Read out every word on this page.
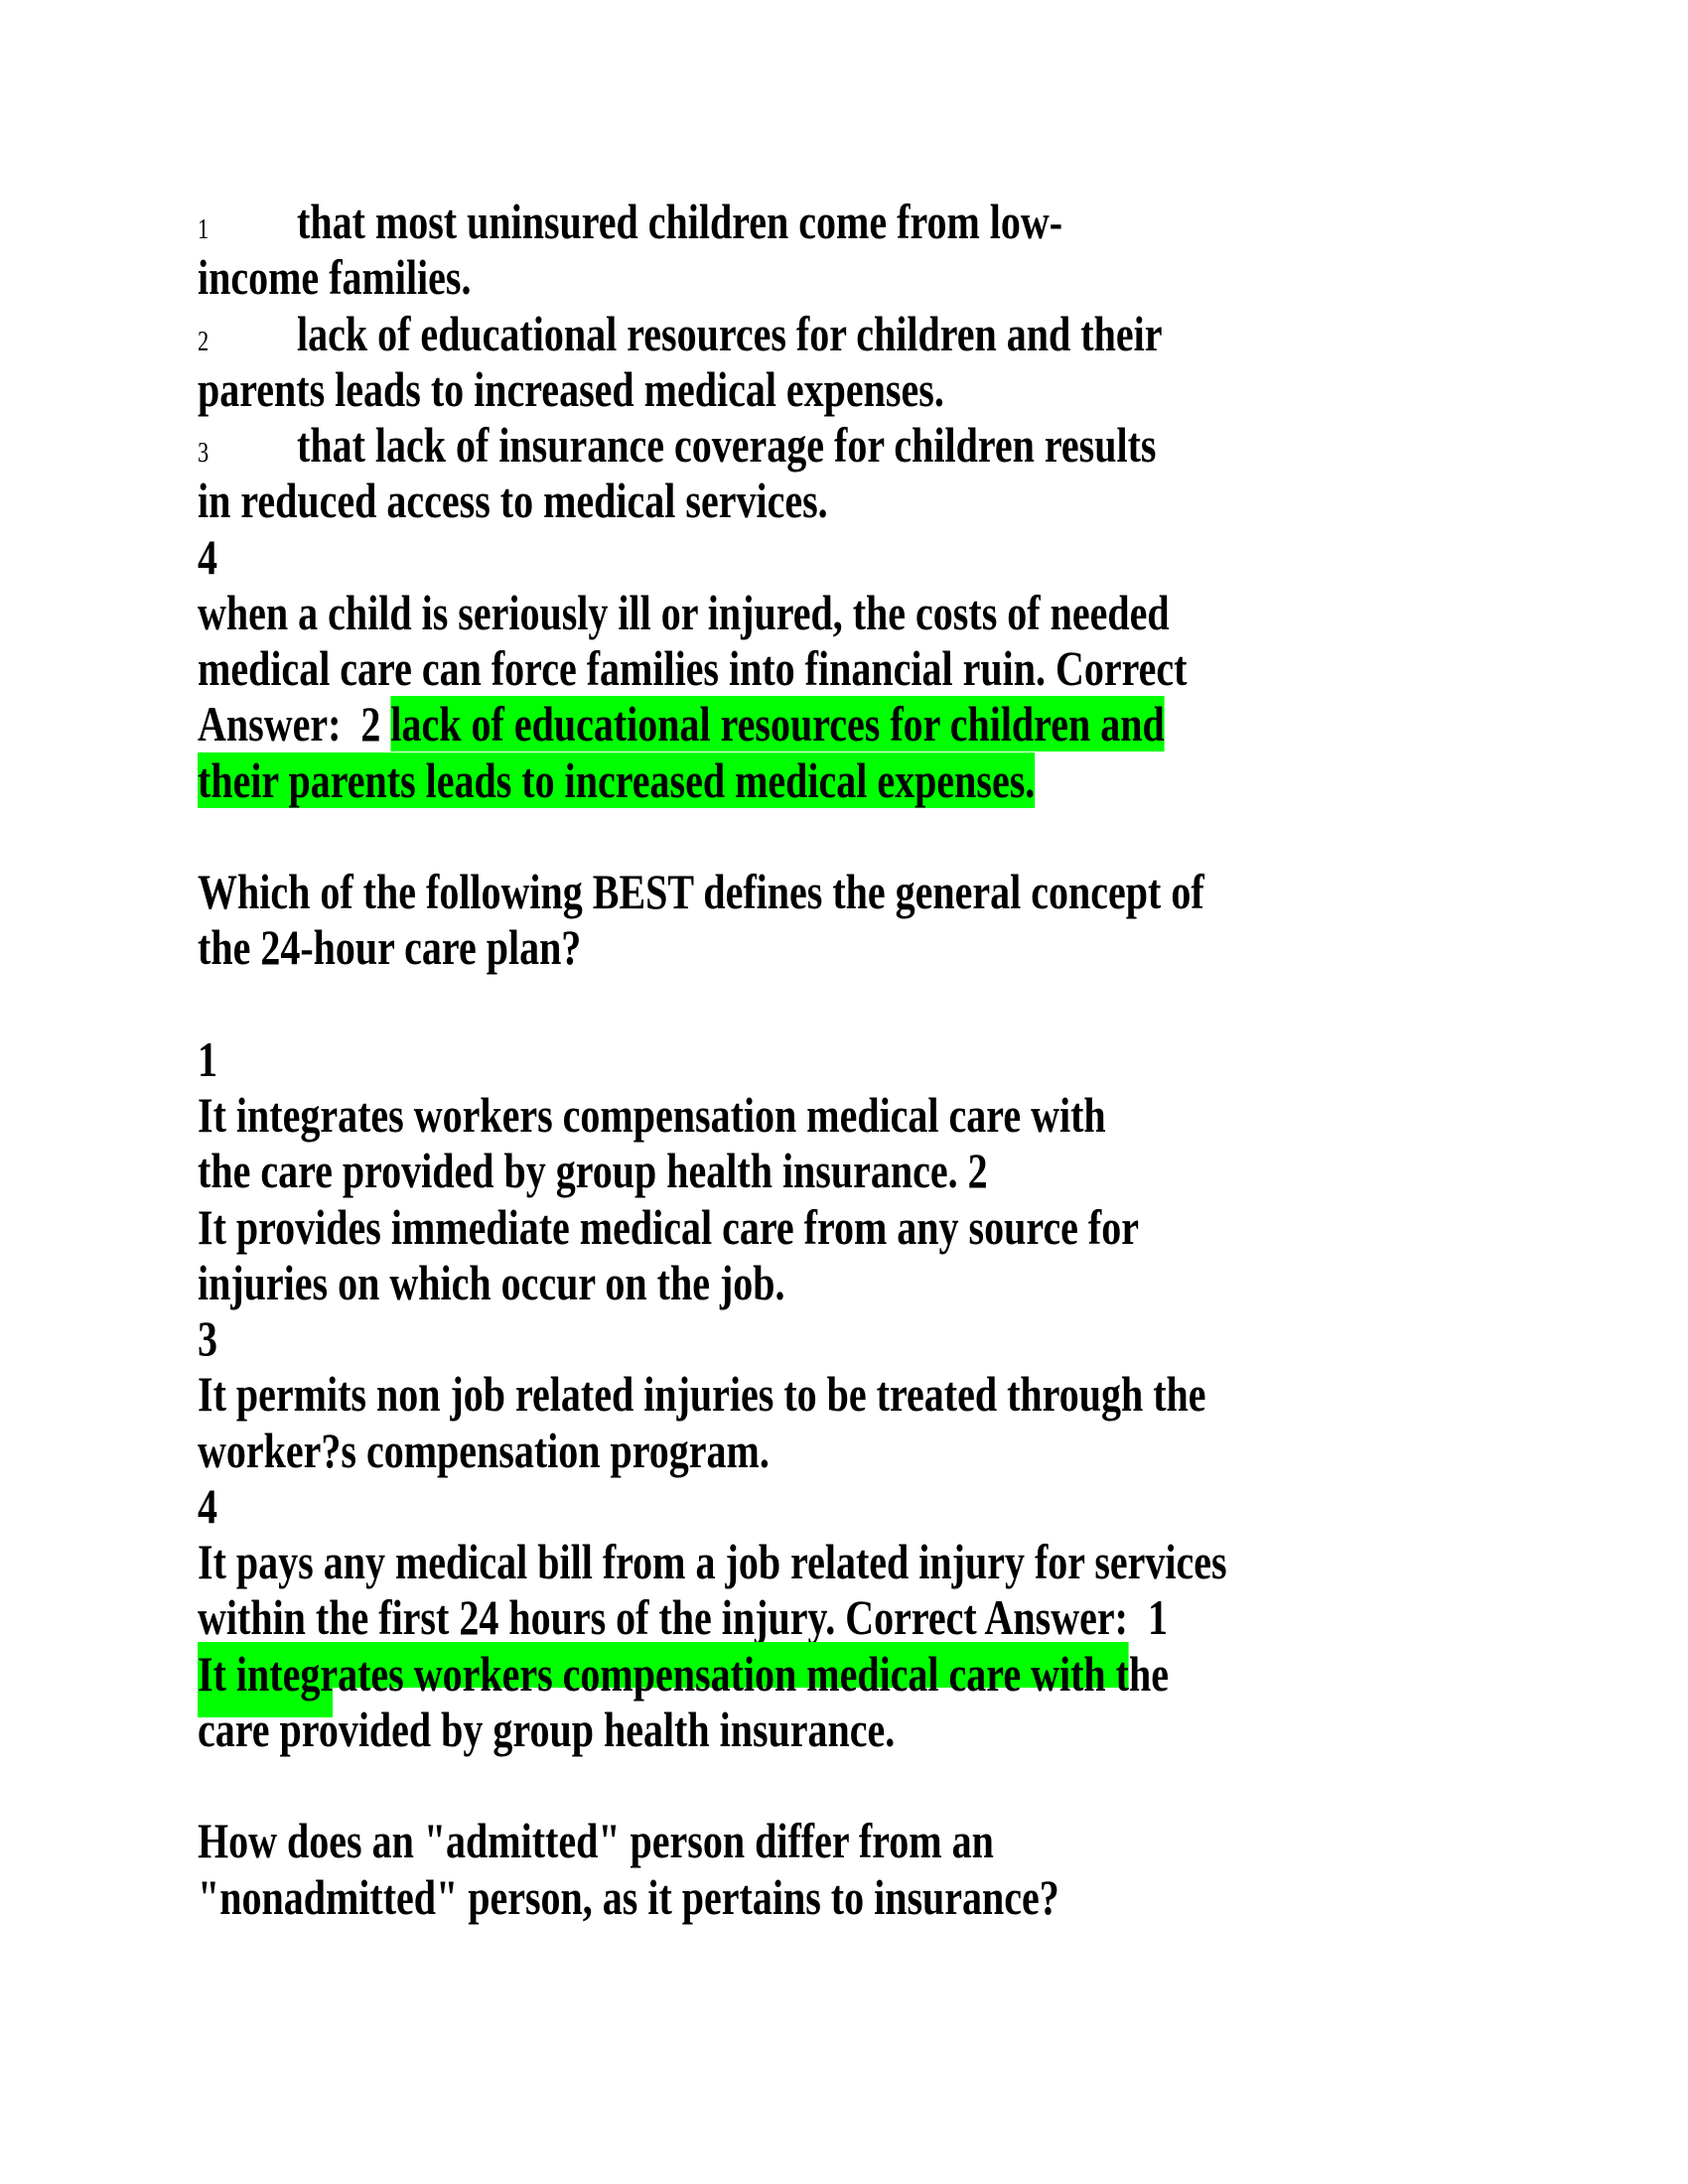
1 that most uninsured children come from low-
income families.
2 lack of educational resources for children and their
parents leads to increased medical expenses.
3 that lack of insurance coverage for children results
in reduced access to medical services.
4
when a child is seriously ill or injured, the costs of needed
medical care can force families into financial ruin. Correct
Answer:  2 lack of educational resources for children and
their parents leads to increased medical expenses.
Which of the following BEST defines the general concept of
the 24-hour care plan?
1
It integrates workers compensation medical care with
the care provided by group health insurance. 2
It provides immediate medical care from any source for
injuries on which occur on the job.
3
It permits non job related injuries to be treated through the
worker?s compensation program.
4
It pays any medical bill from a job related injury for services
within the first 24 hours of the injury. Correct Answer:  1
It integrates workers compensation medical care with the
care provided by group health insurance.
How does an "admitted" person differ from an
"nonadmitted" person, as it pertains to insurance?
